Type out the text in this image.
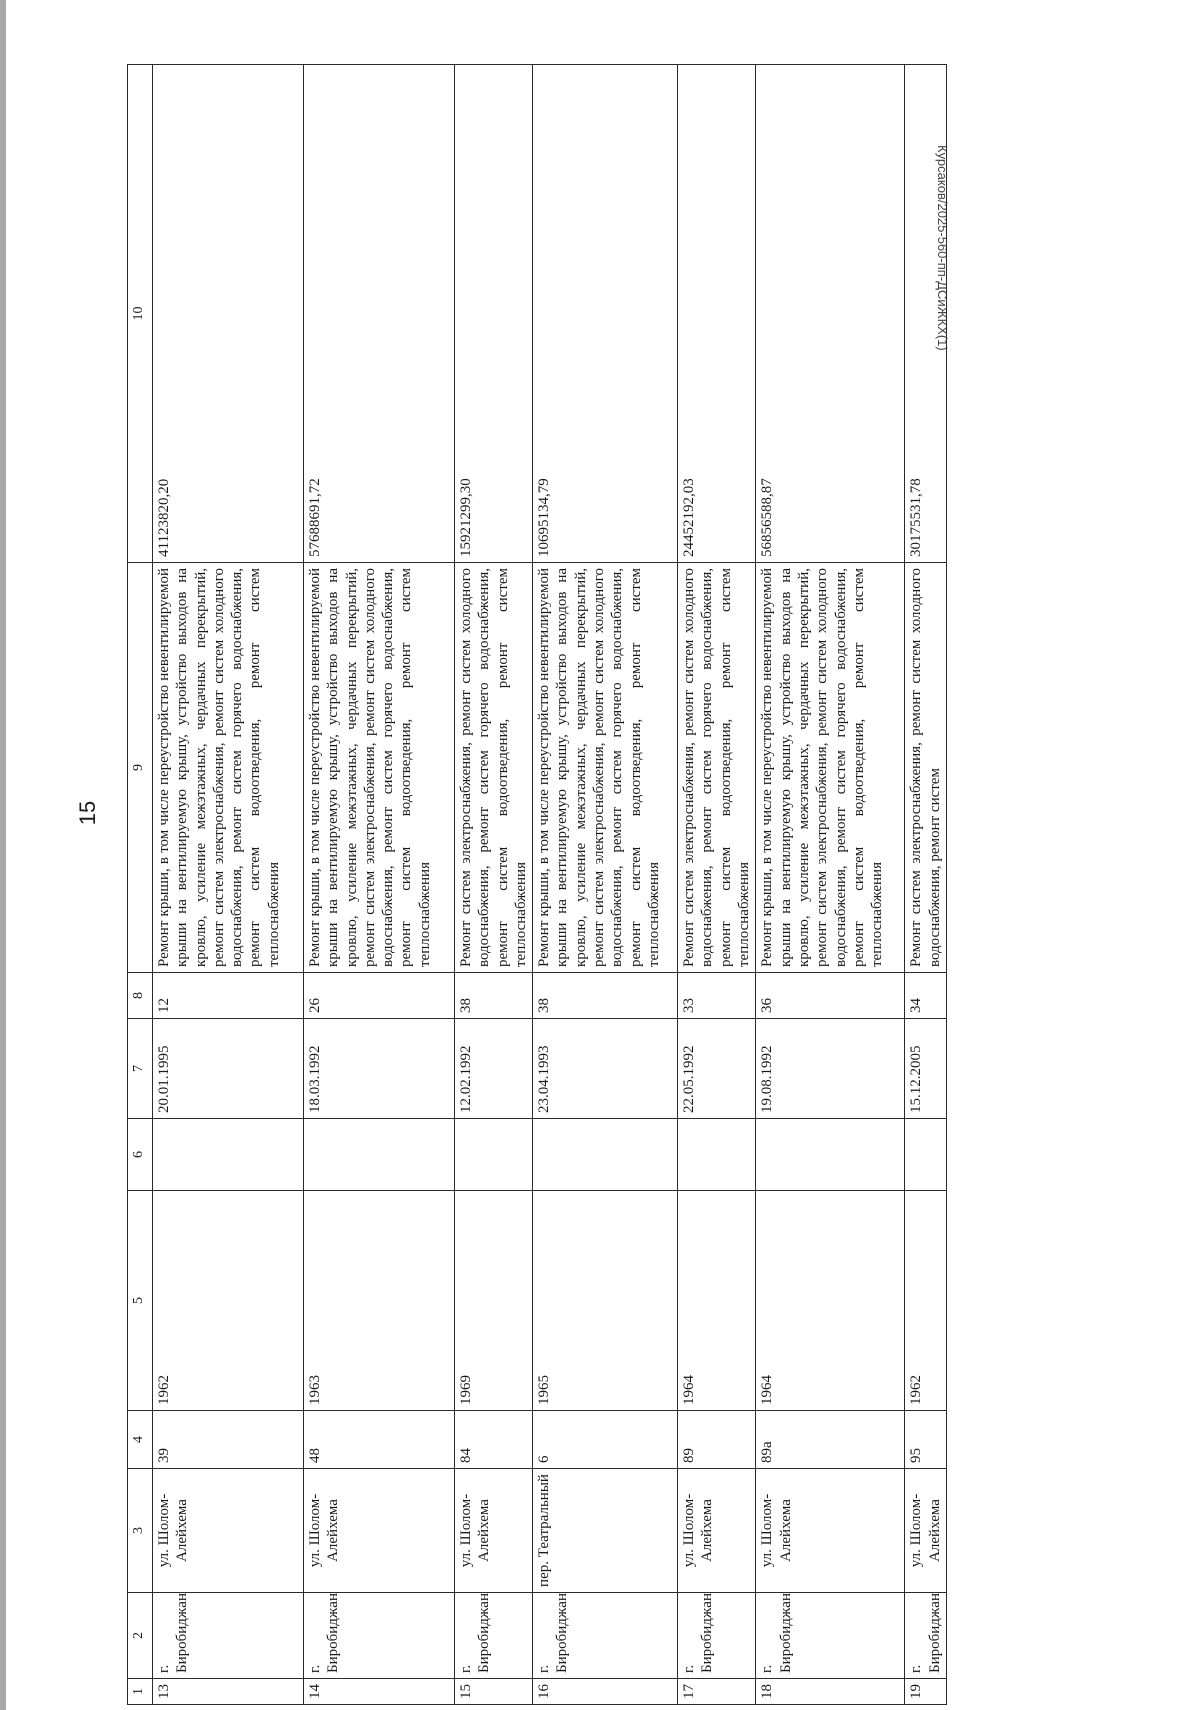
15
Курсаков/2025-560-пп-ДСиЖКХ(1)
1	2	3	4	5	6	7	8	9	10
13	г. Биробиджан	ул. Шолом-Алейхема	39	1962		20.01.1995	12	Ремонт крыши, в том числе переустройство невентилируемой крыши на вентилируемую крышу, устройство выходов на кровлю, усиление межэтажных, чердачных перекрытий, ремонт систем электроснабжения, ремонт систем холодного водоснабжения, ремонт систем горячего водоснабжения, ремонт систем водоотведения, ремонт систем теплоснабжения	41123820,20
14	г. Биробиджан	ул. Шолом-Алейхема	48	1963		18.03.1992	26	Ремонт крыши, в том числе переустройство невентилируемой крыши на вентилируемую крышу, устройство выходов на кровлю, усиление межэтажных, чердачных перекрытий, ремонт систем электроснабжения, ремонт систем холодного водоснабжения, ремонт систем горячего водоснабжения, ремонт систем водоотведения, ремонт систем теплоснабжения	57688691,72
15	г. Биробиджан	ул. Шолом-Алейхема	84	1969		12.02.1992	38	Ремонт систем электроснабжения, ремонт систем холодного водоснабжения, ремонт систем горячего водоснабжения, ремонт систем водоотведения, ремонт систем теплоснабжения	15921299,30
16	г. Биробиджан	пер. Театральный	6	1965		23.04.1993	38	Ремонт крыши, в том числе переустройство невентилируемой крыши на вентилируемую крышу, устройство выходов на кровлю, усиление межэтажных, чердачных перекрытий, ремонт систем электроснабжения, ремонт систем холодного водоснабжения, ремонт систем горячего водоснабжения, ремонт систем водоотведения, ремонт систем теплоснабжения	10695134,79
17	г. Биробиджан	ул. Шолом-Алейхема	89	1964		22.05.1992	33	Ремонт систем электроснабжения, ремонт систем холодного водоснабжения, ремонт систем горячего водоснабжения, ремонт систем водоотведения, ремонт систем теплоснабжения	24452192,03
18	г. Биробиджан	ул. Шолом-Алейхема	89а	1964		19.08.1992	36	Ремонт крыши, в том числе переустройство невентилируемой крыши на вентилируемую крышу, устройство выходов на кровлю, усиление межэтажных, чердачных перекрытий, ремонт систем электроснабжения, ремонт систем холодного водоснабжения, ремонт систем горячего водоснабжения, ремонт систем водоотведения, ремонт систем теплоснабжения	56856588,87
19	г. Биробиджан	ул. Шолом-Алейхема	95	1962		15.12.2005	34	Ремонт систем электроснабжения, ремонт систем холодного водоснабжения, ремонт систем	30175531,78
